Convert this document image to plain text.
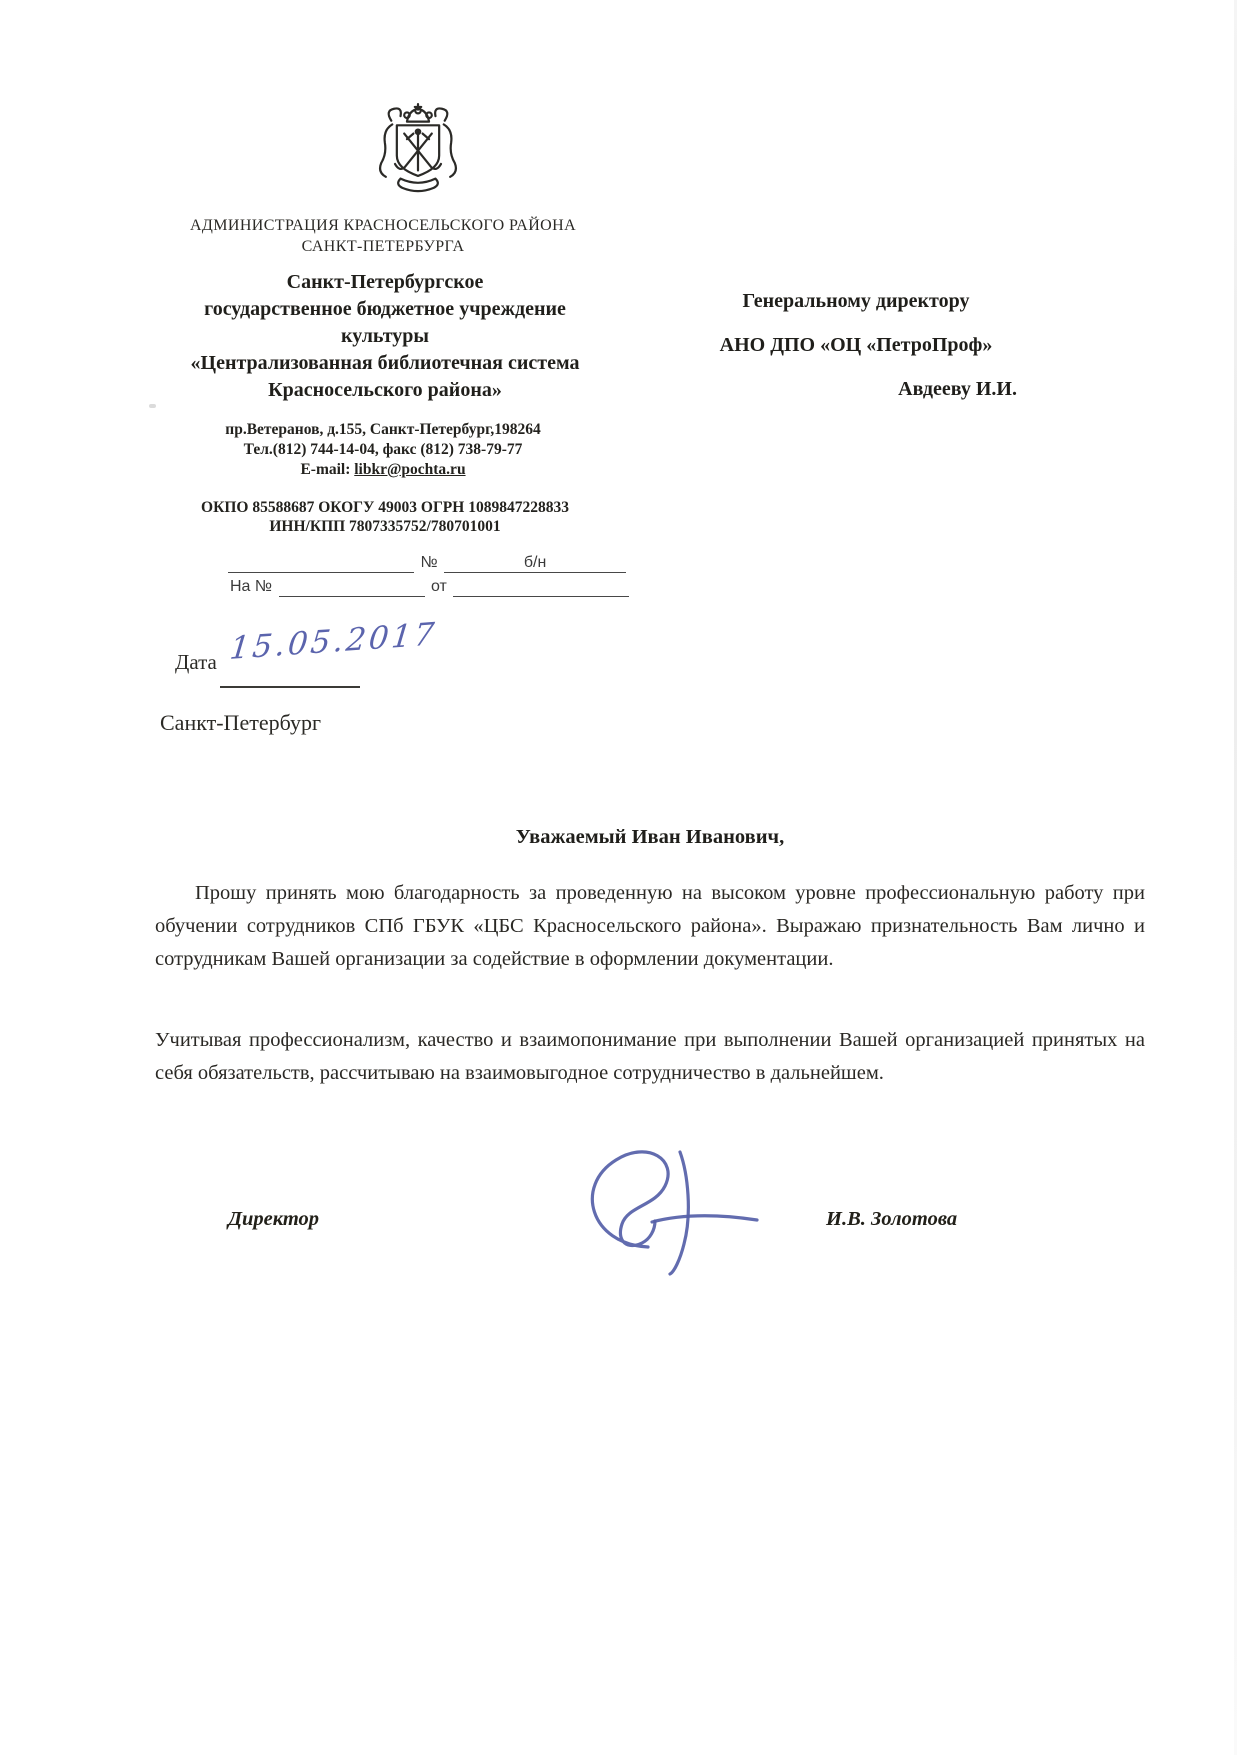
АДМИНИСТРАЦИЯ КРАСНОСЕЛЬСКОГО РАЙОНА
САНКТ-ПЕТЕРБУРГА
Санкт-Петербургское
государственное бюджетное учреждение
культуры
«Централизованная библиотечная система
Красносельского района»
пр.Ветеранов, д.155, Санкт-Петербург,198264
Тел.(812) 744-14-04, факс (812) 738-79-77
E-mail: libkr@pochta.ru
ОКПО 85588687 ОКОГУ 49003 ОГРН 1089847228833
ИНН/КПП 7807335752/780701001
№	б/н
На №	от
Генеральному директору
АНО ДПО «ОЦ «ПетроПроф»
Авдееву И.И.
Дата 15.05.2017
Санкт-Петербург
Уважаемый Иван Иванович,
Прошу принять мою благодарность за проведенную на высоком уровне профессиональную работу при обучении сотрудников СПб ГБУК «ЦБС Красносельского района». Выражаю признательность Вам лично и сотрудникам Вашей организации за содействие в оформлении документации.
Учитывая профессионализм, качество и взаимопонимание при выполнении Вашей организацией принятых на себя обязательств, рассчитываю на взаимовыгодное сотрудничество в дальнейшем.
Директор	И.В. Золотова
